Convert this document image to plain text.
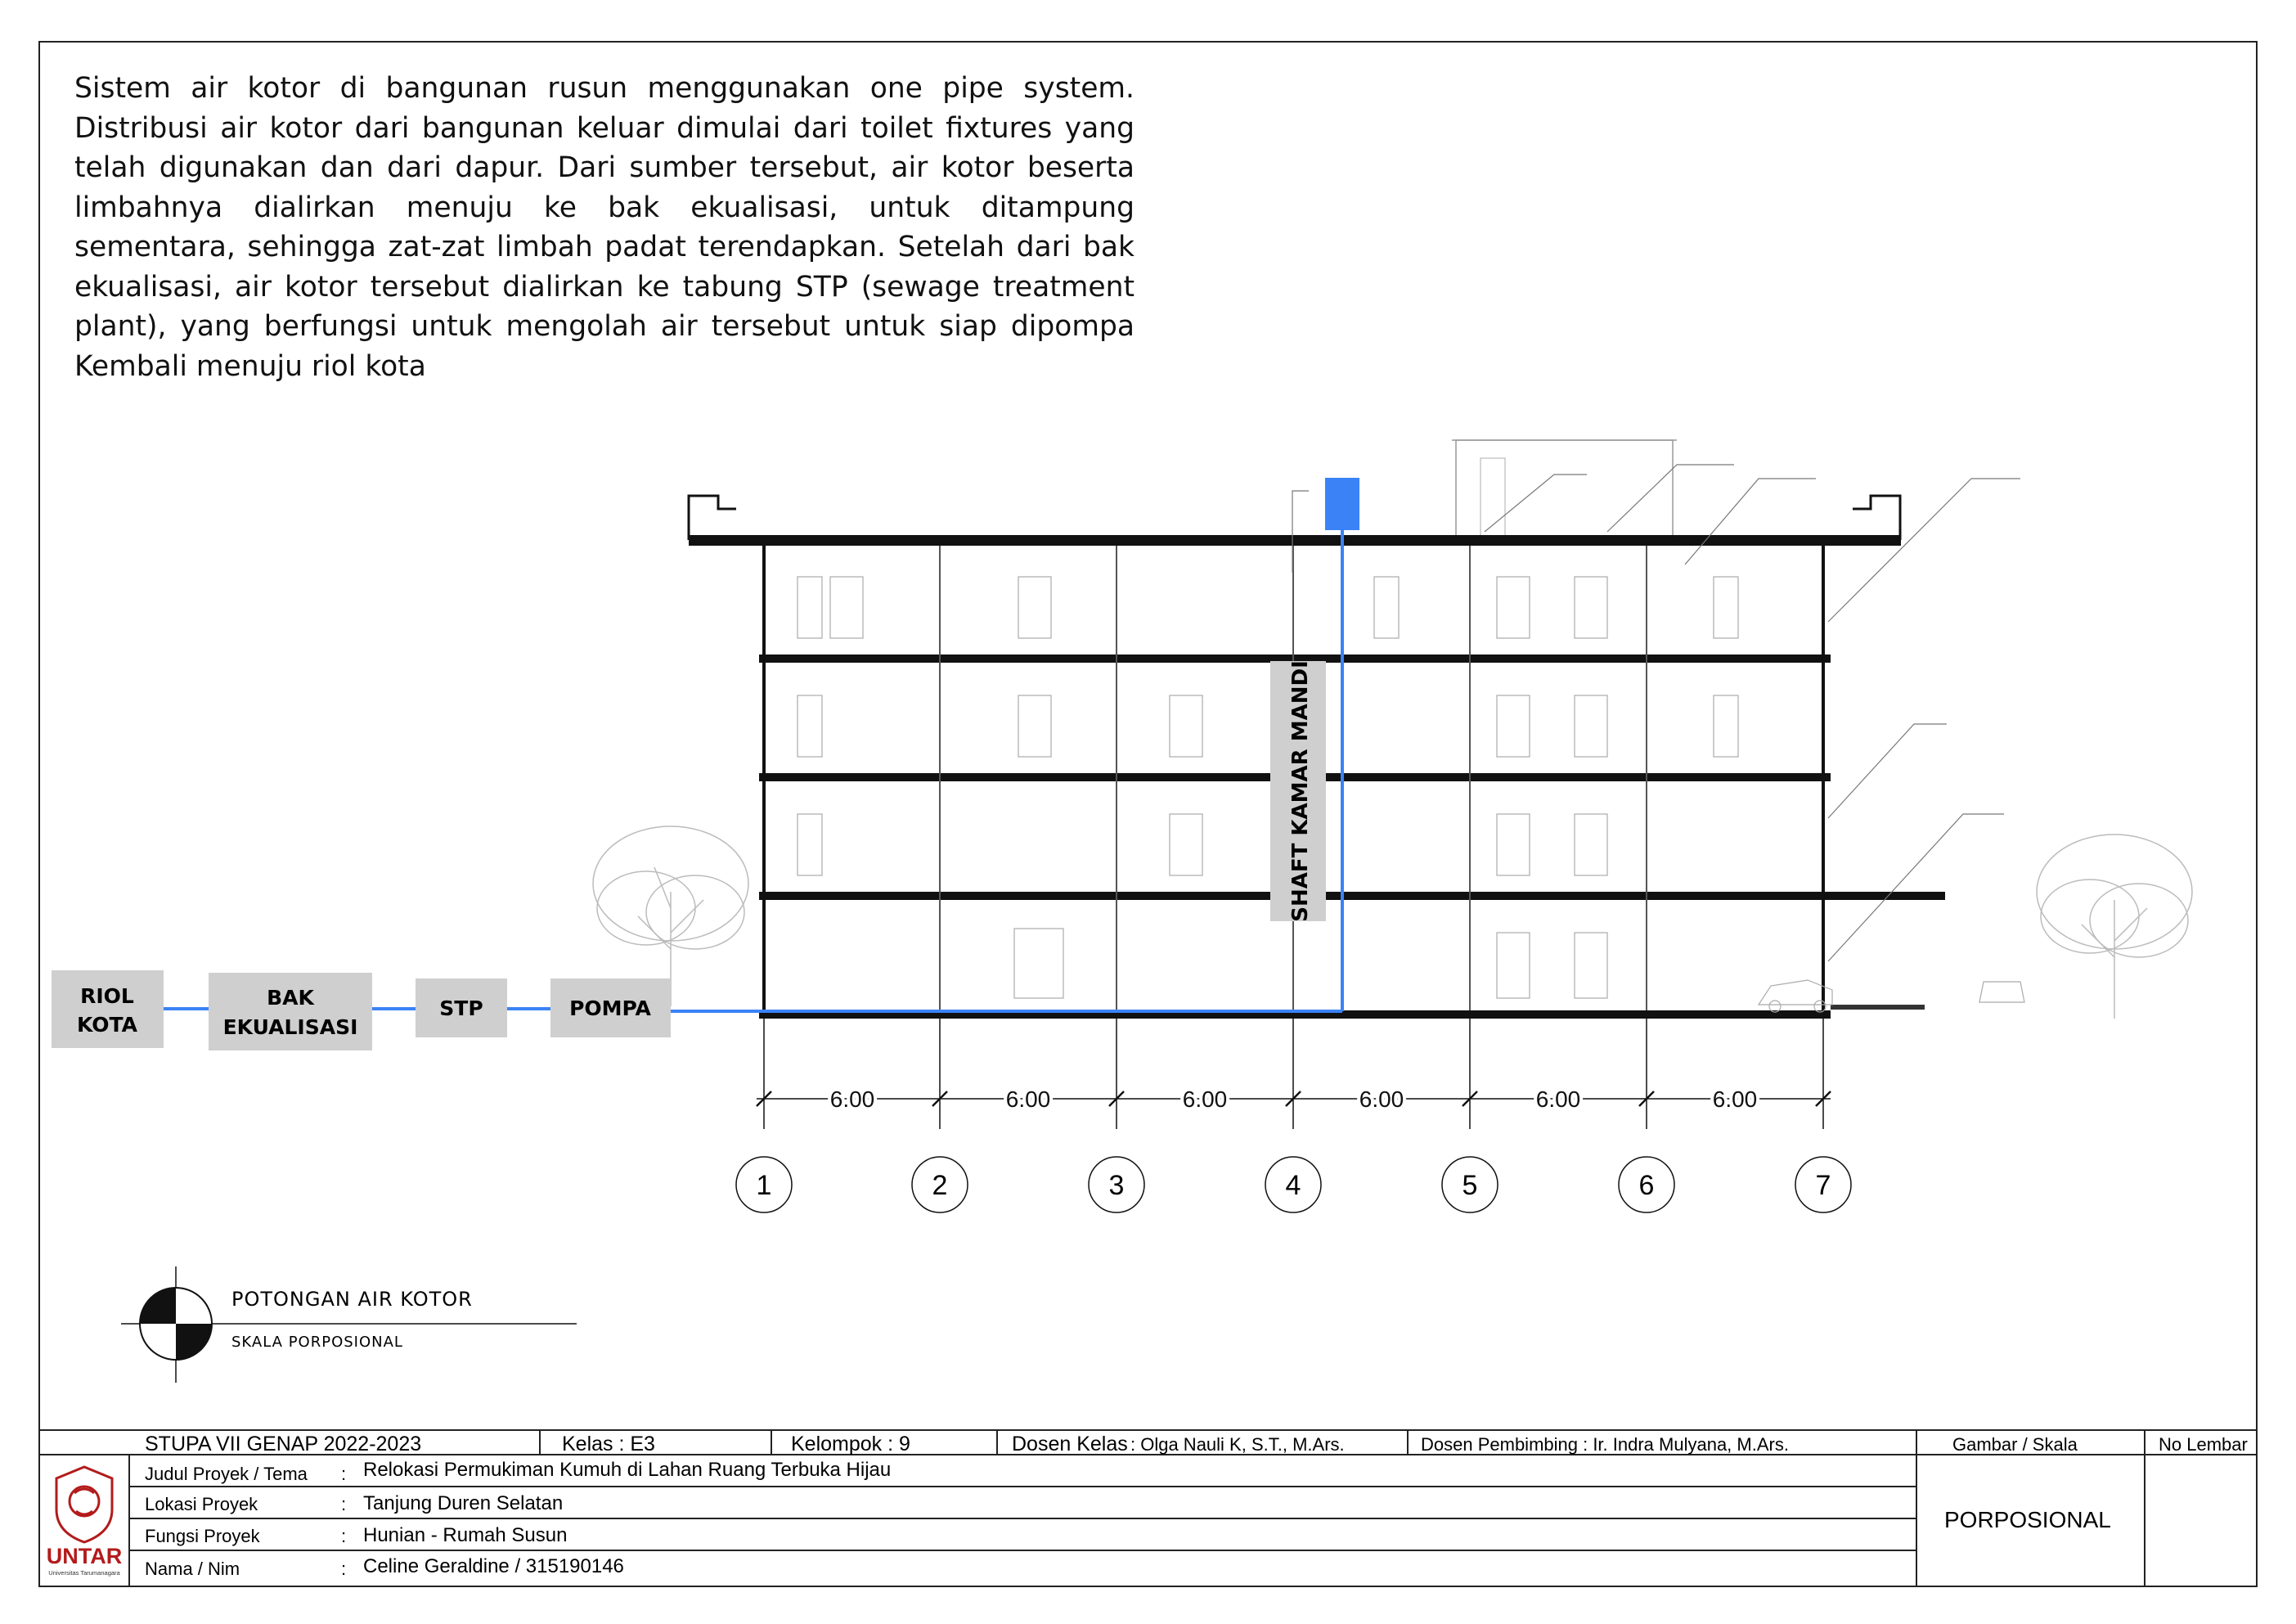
Sistem air kotor di bangunan rusun menggunakan one pipe system. Distribusi air kotor dari bangunan keluar dimulai dari toilet fixtures yang telah digunakan dan dari dapur. Dari sumber tersebut, air kotor beserta limbahnya dialirkan menuju ke bak ekualisasi, untuk ditampung sementara, sehingga zat-zat limbah padat terendapkan. Setelah dari bak ekualisasi, air kotor tersebut dialirkan ke tabung STP (sewage treatment plant), yang berfungsi untuk mengolah air tersebut untuk siap dipompa Kembali menuju riol kota
RIOL
KOTA
BAK
EKUALISASI
STP	POMPA
SHAFT KAMAR MANDI
6.00	6.00	6.00	6.00	6.00	6.00
1	2	3	4	5	6	7
POTONGAN AIR KOTOR
SKALA PORPOSIONAL
STUPA VII GENAP 2022-2023	Kelas : E3	Kelompok : 9	Dosen Kelas : Olga Nauli K, S.T., M.Ars.	Dosen Pembimbing : Ir. Indra Mulyana, M.Ars.	Gambar / Skala	No Lembar
PORPOSIONAL
Judul Proyek / Tema : Relokasi Permukiman Kumuh di Lahan Ruang Terbuka Hijau
Lokasi Proyek	: Tanjung Duren Selatan
Fungsi Proyek	: Hunian - Rumah Susun
Nama / Nim	: Celine Geraldine / 315190146
UNTAR
Universitas Tarumanagara
